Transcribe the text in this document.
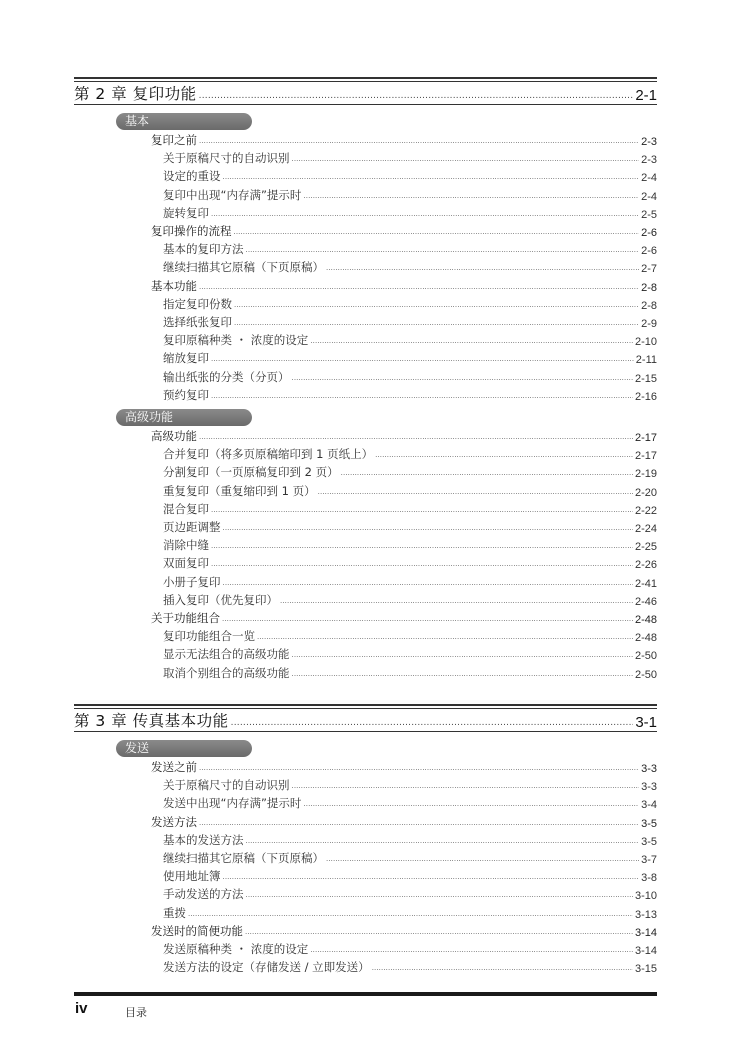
第 2 章 复印功能 .....	2-1
基本
复印之前 .....	2-3
关于原稿尺寸的自动识别 .....	2-3
设定的重设 .....	2-4
复印中出现“内存满”提示时 .....	2-4
旋转复印 .....	2-5
复印操作的流程 .....	2-6
基本的复印方法 .....	2-6
继续扫描其它原稿（下页原稿） .....	2-7
基本功能 .....	2-8
指定复印份数 .....	2-8
选择纸张复印 .....	2-9
复印原稿种类 ・ 浓度的设定 .....	2-10
缩放复印 .....	2-11
输出纸张的分类（分页） .....	2-15
预约复印 .....	2-16
高级功能
高级功能 .....	2-17
合并复印（将多页原稿缩印到 1 页纸上） .....	2-17
分割复印（一页原稿复印到 2 页） .....	2-19
重复复印（重复缩印到 1 页） .....	2-20
混合复印 .....	2-22
页边距调整 .....	2-24
消除中缝 .....	2-25
双面复印 .....	2-26
小册子复印 .....	2-41
插入复印（优先复印） .....	2-46
关于功能组合 .....	2-48
复印功能组合一览 .....	2-48
显示无法组合的高级功能 .....	2-50
取消个别组合的高级功能 .....	2-50
第 3 章 传真基本功能 .....	3-1
发送
发送之前 .....	3-3
关于原稿尺寸的自动识别 .....	3-3
发送中出现“内存满”提示时 .....	3-4
发送方法 .....	3-5
基本的发送方法 .....	3-5
继续扫描其它原稿（下页原稿） .....	3-7
使用地址簿 .....	3-8
手动发送的方法 .....	3-10
重拨 .....	3-13
发送时的简便功能 .....	3-14
发送原稿种类 ・ 浓度的设定 .....	3-14
发送方法的设定（存储发送 / 立即发送） .....	3-15
iv	目录
